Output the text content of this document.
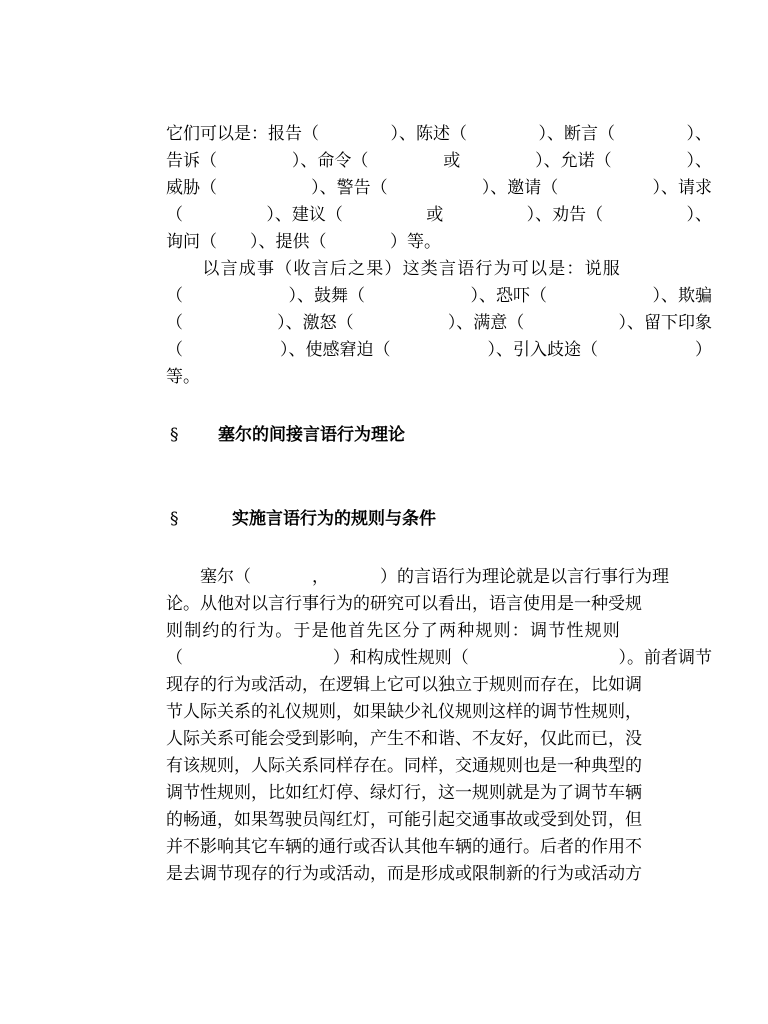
它们可以是：报告（	）、陈述（	）、断言（	）、
告诉（	）、命令（	或	）、允诺（	）、
威胁（	）、警告（	）、邀请（	）、请求
（	）、建议（	或	）、劝告（	）、
询问（	）、提供（	）等。
　　以言成事（收言后之果）这类言语行为可以是：说服
（	）、鼓舞（	）、恐吓（	）、欺骗
（	）、激怒（	）、满意（	）、留下印象
（	）、使感窘迫（	）、引入歧途（	）
等。
§ 塞尔的间接言语行为理论
§	实施言语行为的规则与条件
　　塞尔（	，	）的言语行为理论就是以言行事行为理
论。从他对以言行事行为的研究可以看出，语言使用是一种受规
则制约的行为。于是他首先区分了两种规则：调节性规则
（	）和构成性规则（	）。前者调节
现存的行为或活动，在逻辑上它可以独立于规则而存在，比如调
节人际关系的礼仪规则，如果缺少礼仪规则这样的调节性规则，
人际关系可能会受到影响，产生不和谐、不友好，仅此而已，没
有该规则，人际关系同样存在。同样，交通规则也是一种典型的
调节性规则，比如红灯停、绿灯行，这一规则就是为了调节车辆
的畅通，如果驾驶员闯红灯，可能引起交通事故或受到处罚，但
并不影响其它车辆的通行或否认其他车辆的通行。后者的作用不
是去调节现存的行为或活动，而是形成或限制新的行为或活动方
